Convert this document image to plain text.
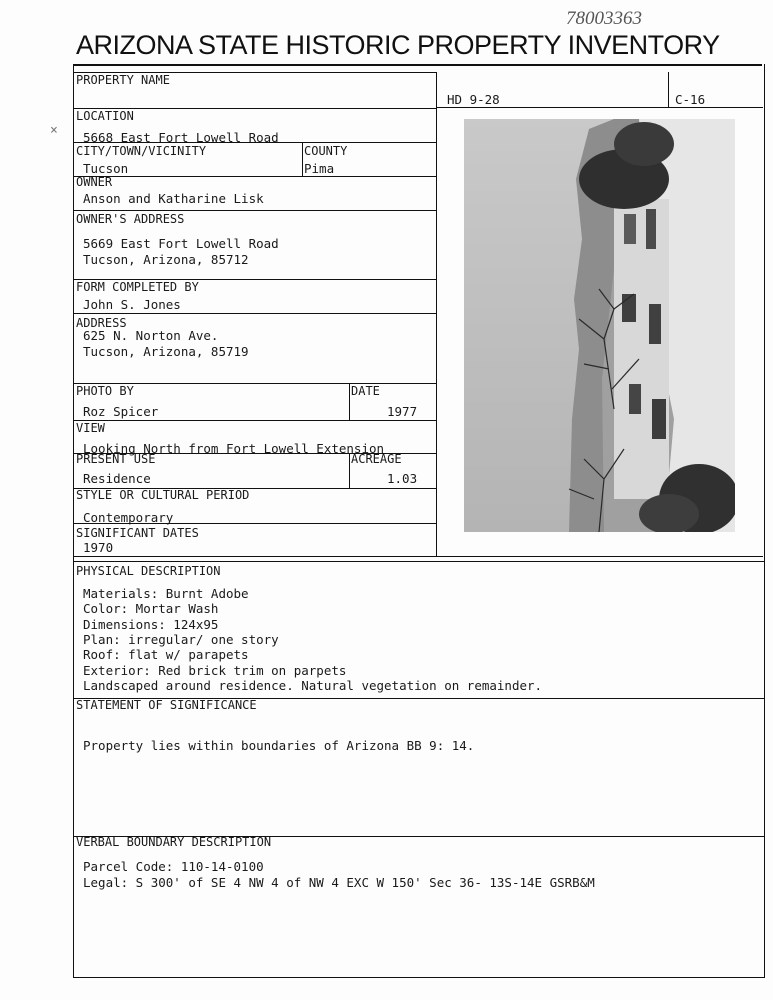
78003363
ARIZONA STATE HISTORIC PROPERTY INVENTORY
PROPERTY NAME
HD 9-28	C-16
LOCATION
5668 East Fort Lowell Road
CITY/TOWN/VICINITY
Tucson
COUNTY
Pima
OWNER
Anson and Katharine Lisk
OWNER'S ADDRESS
5669 East Fort Lowell Road
Tucson, Arizona, 85712
FORM COMPLETED BY
John S. Jones
ADDRESS
625 N. Norton Ave.
Tucson, Arizona, 85719
PHOTO BY
Roz Spicer
DATE
1977
VIEW
Looking North from Fort Lowell Extension
PRESENT USE
Residence
ACREAGE
1.03
STYLE OR CULTURAL PERIOD
Contemporary
SIGNIFICANT DATES
1970
PHYSICAL DESCRIPTION
Materials: Burnt Adobe
Color: Mortar Wash
Dimensions: 124x95
Plan: irregular/ one story
Roof: flat w/ parapets
Exterior: Red brick trim on parpets
Landscaped around residence. Natural vegetation on remainder.
STATEMENT OF SIGNIFICANCE
Property lies within boundaries of Arizona BB 9: 14.
VERBAL BOUNDARY DESCRIPTION
Parcel Code: 110-14-0100
Legal: S 300' of SE 4 NW 4 of NW 4 EXC W 150' Sec 36- 13S-14E GSRB&M
×
